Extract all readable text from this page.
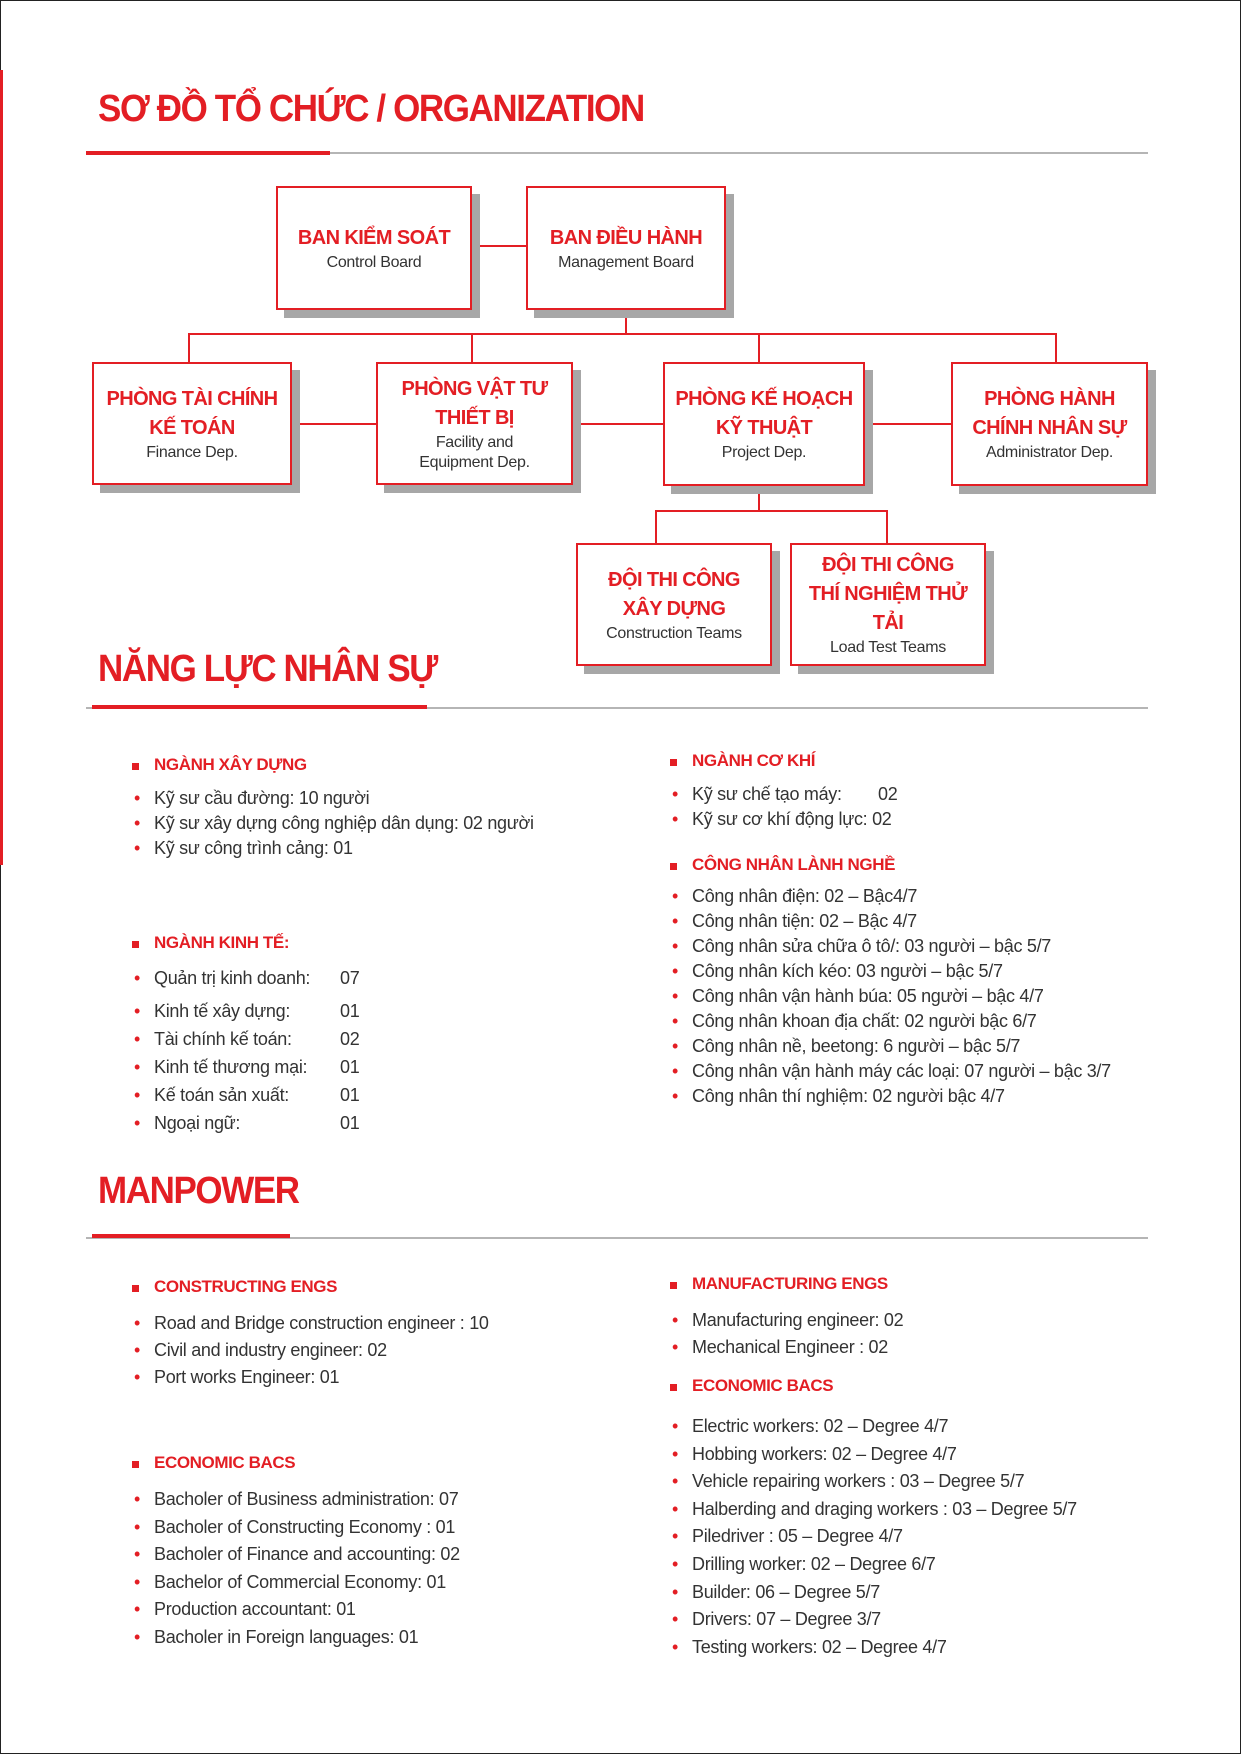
SƠ ĐỒ TỔ CHỨC / ORGANIZATION
BAN KIỂM SOÁT
Control Board
BAN ĐIỀU HÀNH
Management Board
PHÒNG TÀI CHÍNH
KẾ TOÁN
Finance Dep.
PHÒNG VẬT TƯ
THIẾT BỊ
Facility and
Equipment Dep.
PHÒNG KẾ HOẠCH
KỸ THUẬT
Project Dep.
PHÒNG HÀNH
CHÍNH NHÂN SỰ
Administrator Dep.
ĐỘI THI CÔNG
XÂY DỰNG
Construction Teams
ĐỘI THI CÔNG
THÍ NGHIỆM THỬ TẢI
Load Test Teams
NĂNG LỰC NHÂN SỰ
NGÀNH XÂY DỰNG
• Kỹ sư cầu đường: 10 người
• Kỹ sư xây dựng công nghiệp dân dụng: 02 người
• Kỹ sư công trình cảng: 01
NGÀNH KINH TẾ:
• Quản trị kinh doanh: 07
• Kinh tế xây dựng:	01
• Tài chính kế toán:	02
• Kinh tế thương mại: 01
• Kế toán sản xuất:	01
• Ngoại ngữ:	01
NGÀNH CƠ KHÍ
• Kỹ sư chế tạo máy: 02
• Kỹ sư cơ khí động lực: 02
CÔNG NHÂN LÀNH NGHỀ
• Công nhân điện: 02 – Bậc4/7
• Công nhân tiện: 02 – Bậc 4/7
• Công nhân sửa chữa ô tô/: 03 người – bậc 5/7
• Công nhân kích kéo: 03 người – bậc 5/7
• Công nhân vận hành búa: 05 người – bậc 4/7
• Công nhân khoan địa chất: 02 người bậc 6/7
• Công nhân nề, beetong: 6 người – bậc 5/7
• Công nhân vận hành máy các loại: 07 người – bậc 3/7
• Công nhân thí nghiệm: 02 người bậc 4/7
MANPOWER
CONSTRUCTING ENGS
• Road and Bridge construction engineer : 10
• Civil and industry engineer: 02
• Port works Engineer: 01
ECONOMIC BACS
• Bacholer of Business administration: 07
• Bacholer of Constructing Economy : 01
• Bacholer of Finance and accounting: 02
• Bachelor of Commercial Economy: 01
• Production accountant: 01
• Bacholer in Foreign languages: 01
MANUFACTURING ENGS
• Manufacturing engineer: 02
• Mechanical Engineer : 02
ECONOMIC BACS
• Electric workers: 02 – Degree 4/7
• Hobbing workers: 02 – Degree 4/7
• Vehicle repairing workers : 03 – Degree 5/7
• Halberding and draging workers : 03 – Degree 5/7
• Piledriver : 05 – Degree 4/7
• Drilling worker: 02 – Degree 6/7
• Builder: 06 – Degree 5/7
• Drivers: 07 – Degree 3/7
• Testing workers: 02 – Degree 4/7
